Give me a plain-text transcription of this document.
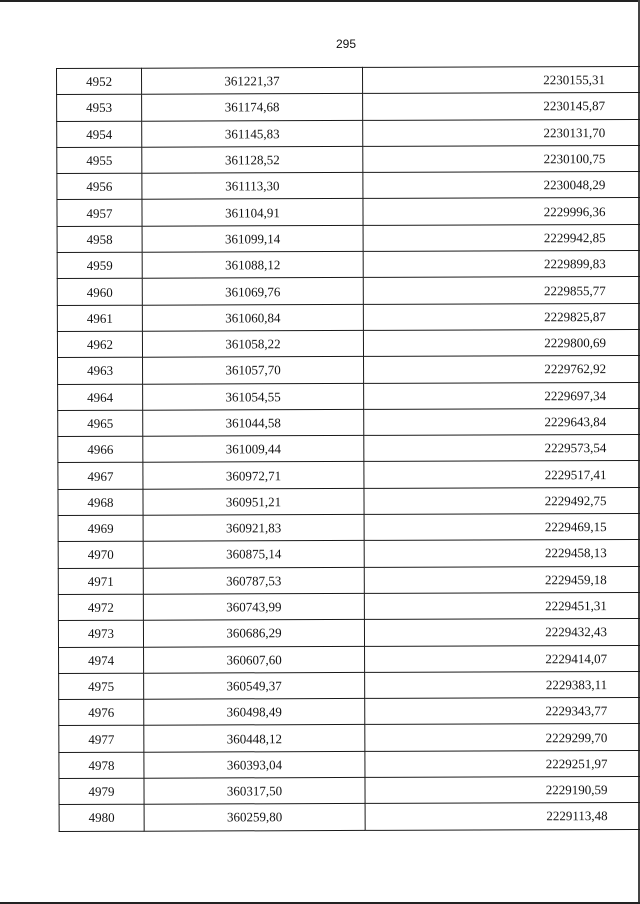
295
4952	361221,37	2230155,31
4953	361174,68	2230145,87
4954	361145,83	2230131,70
4955	361128,52	2230100,75
4956	361113,30	2230048,29
4957	361104,91	2229996,36
4958	361099,14	2229942,85
4959	361088,12	2229899,83
4960	361069,76	2229855,77
4961	361060,84	2229825,87
4962	361058,22	2229800,69
4963	361057,70	2229762,92
4964	361054,55	2229697,34
4965	361044,58	2229643,84
4966	361009,44	2229573,54
4967	360972,71	2229517,41
4968	360951,21	2229492,75
4969	360921,83	2229469,15
4970	360875,14	2229458,13
4971	360787,53	2229459,18
4972	360743,99	2229451,31
4973	360686,29	2229432,43
4974	360607,60	2229414,07
4975	360549,37	2229383,11
4976	360498,49	2229343,77
4977	360448,12	2229299,70
4978	360393,04	2229251,97
4979	360317,50	2229190,59
4980	360259,80	2229113,48
